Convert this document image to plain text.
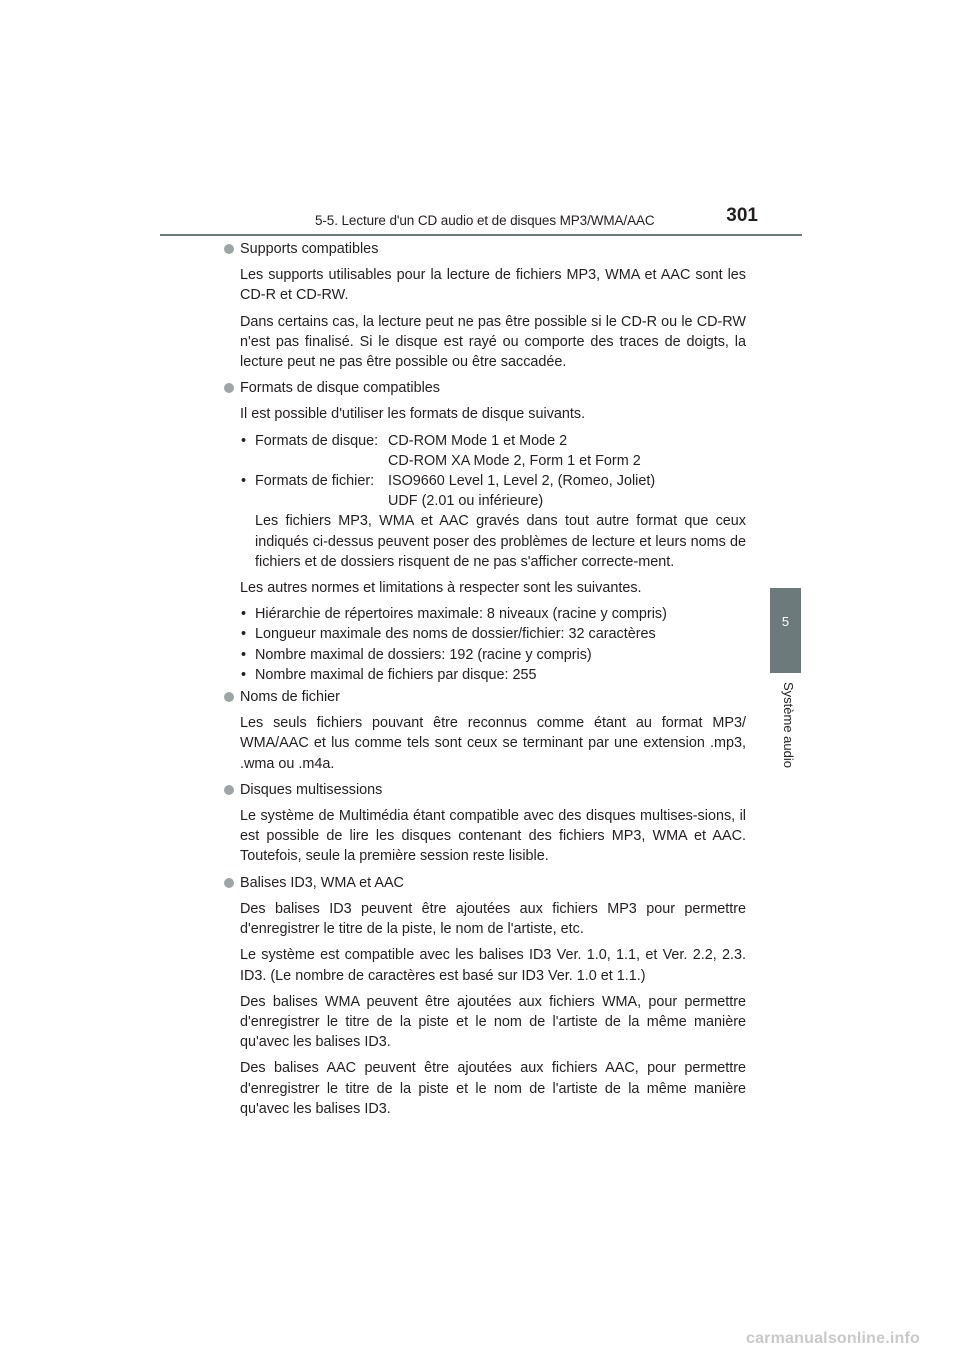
5-5. Lecture d'un CD audio et de disques MP3/WMA/AAC	301
5
Système audio
Supports compatibles

Les supports utilisables pour la lecture de fichiers MP3, WMA et AAC sont les CD-R et CD-RW.

Dans certains cas, la lecture peut ne pas être possible si le CD-R ou le CD-RW n'est pas finalisé. Si le disque est rayé ou comporte des traces de doigts, la lecture peut ne pas être possible ou être saccadée.

Formats de disque compatibles

Il est possible d'utiliser les formats de disque suivants.

• Formats de disque: CD-ROM Mode 1 et Mode 2
CD-ROM XA Mode 2, Form 1 et Form 2
• Formats de fichier: ISO9660 Level 1, Level 2, (Romeo, Joliet)
UDF (2.01 ou inférieure)

Les fichiers MP3, WMA et AAC gravés dans tout autre format que ceux indiqués ci-dessus peuvent poser des problèmes de lecture et leurs noms de fichiers et de dossiers risquent de ne pas s'afficher correcte-ment.

Les autres normes et limitations à respecter sont les suivantes.

• Hiérarchie de répertoires maximale: 8 niveaux (racine y compris)
• Longueur maximale des noms de dossier/fichier: 32 caractères
• Nombre maximal de dossiers: 192 (racine y compris)
• Nombre maximal de fichiers par disque: 255
Noms de fichier

Les seuls fichiers pouvant être reconnus comme étant au format MP3/ WMA/AAC et lus comme tels sont ceux se terminant par une extension .mp3, .wma ou .m4a.

Disques multisessions

Le système de Multimédia étant compatible avec des disques multises-sions, il est possible de lire les disques contenant des fichiers MP3, WMA et AAC. Toutefois, seule la première session reste lisible.

Balises ID3, WMA et AAC

Des balises ID3 peuvent être ajoutées aux fichiers MP3 pour permettre d'enregistrer le titre de la piste, le nom de l'artiste, etc.

Le système est compatible avec les balises ID3 Ver. 1.0, 1.1, et Ver. 2.2, 2.3. ID3. (Le nombre de caractères est basé sur ID3 Ver. 1.0 et 1.1.)

Des balises WMA peuvent être ajoutées aux fichiers WMA, pour permettre d'enregistrer le titre de la piste et le nom de l'artiste de la même manière qu'avec les balises ID3.

Des balises AAC peuvent être ajoutées aux fichiers AAC, pour permettre d'enregistrer le titre de la piste et le nom de l'artiste de la même manière qu'avec les balises ID3.

carmanualsonline.info
